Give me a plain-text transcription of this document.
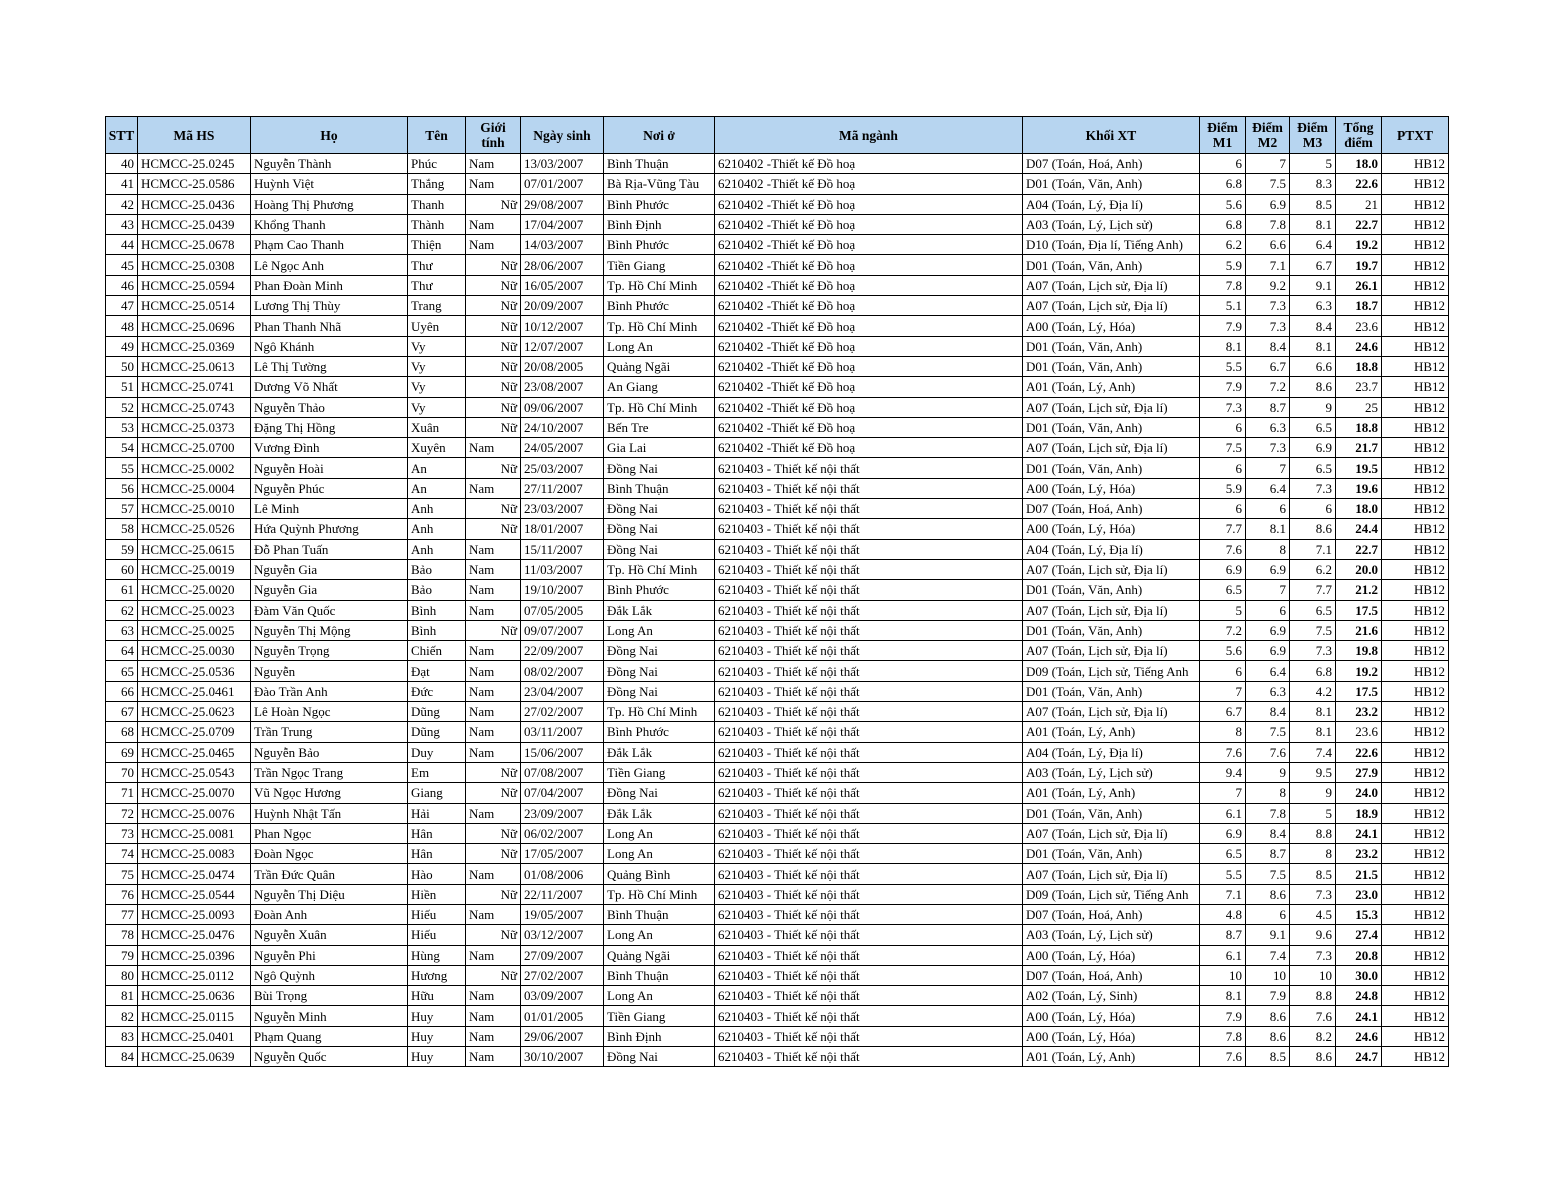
STT	Mã HS	Họ	Tên	Giới tính	Ngày sinh	Nơi ở	Mã ngành	Khối XT	Điểm M1	Điểm M2	Điểm M3	Tổng điểm	PTXT
40	HCMCC-25.0245	Nguyễn Thành	Phúc	Nam	13/03/2007	Bình Thuận	6210402 -Thiết kế Đồ hoạ	D07 (Toán, Hoá, Anh)	6	7	5	18.0	HB12
41	HCMCC-25.0586	Huỳnh Việt	Thắng	Nam	07/01/2007	Bà Rịa-Vũng Tàu	6210402 -Thiết kế Đồ hoạ	D01 (Toán, Văn, Anh)	6.8	7.5	8.3	22.6	HB12
42	HCMCC-25.0436	Hoàng Thị Phương	Thanh	Nữ	29/08/2007	Bình Phước	6210402 -Thiết kế Đồ hoạ	A04 (Toán, Lý, Địa lí)	5.6	6.9	8.5	21	HB12
43	HCMCC-25.0439	Khổng Thanh	Thành	Nam	17/04/2007	Bình Định	6210402 -Thiết kế Đồ hoạ	A03 (Toán, Lý, Lịch sử)	6.8	7.8	8.1	22.7	HB12
44	HCMCC-25.0678	Phạm Cao Thanh	Thiện	Nam	14/03/2007	Bình Phước	6210402 -Thiết kế Đồ hoạ	D10 (Toán, Địa lí, Tiếng Anh)	6.2	6.6	6.4	19.2	HB12
45	HCMCC-25.0308	Lê Ngọc Anh	Thư	Nữ	28/06/2007	Tiền Giang	6210402 -Thiết kế Đồ hoạ	D01 (Toán, Văn, Anh)	5.9	7.1	6.7	19.7	HB12
46	HCMCC-25.0594	Phan Đoàn Minh	Thư	Nữ	16/05/2007	Tp. Hồ Chí Minh	6210402 -Thiết kế Đồ hoạ	A07 (Toán, Lịch sử, Địa lí)	7.8	9.2	9.1	26.1	HB12
47	HCMCC-25.0514	Lương Thị Thùy	Trang	Nữ	20/09/2007	Bình Phước	6210402 -Thiết kế Đồ hoạ	A07 (Toán, Lịch sử, Địa lí)	5.1	7.3	6.3	18.7	HB12
48	HCMCC-25.0696	Phan Thanh Nhã	Uyên	Nữ	10/12/2007	Tp. Hồ Chí Minh	6210402 -Thiết kế Đồ hoạ	A00 (Toán, Lý, Hóa)	7.9	7.3	8.4	23.6	HB12
49	HCMCC-25.0369	Ngô Khánh	Vy	Nữ	12/07/2007	Long An	6210402 -Thiết kế Đồ hoạ	D01 (Toán, Văn, Anh)	8.1	8.4	8.1	24.6	HB12
50	HCMCC-25.0613	Lê Thị Tường	Vy	Nữ	20/08/2005	Quảng Ngãi	6210402 -Thiết kế Đồ hoạ	D01 (Toán, Văn, Anh)	5.5	6.7	6.6	18.8	HB12
51	HCMCC-25.0741	Dương Võ Nhất	Vy	Nữ	23/08/2007	An Giang	6210402 -Thiết kế Đồ hoạ	A01 (Toán, Lý, Anh)	7.9	7.2	8.6	23.7	HB12
52	HCMCC-25.0743	Nguyễn Thảo	Vy	Nữ	09/06/2007	Tp. Hồ Chí Minh	6210402 -Thiết kế Đồ hoạ	A07 (Toán, Lịch sử, Địa lí)	7.3	8.7	9	25	HB12
53	HCMCC-25.0373	Đặng Thị Hồng	Xuân	Nữ	24/10/2007	Bến Tre	6210402 -Thiết kế Đồ hoạ	D01 (Toán, Văn, Anh)	6	6.3	6.5	18.8	HB12
54	HCMCC-25.0700	Vương Đình	Xuyên	Nam	24/05/2007	Gia Lai	6210402 -Thiết kế Đồ hoạ	A07 (Toán, Lịch sử, Địa lí)	7.5	7.3	6.9	21.7	HB12
55	HCMCC-25.0002	Nguyễn Hoài	An	Nữ	25/03/2007	Đồng Nai	6210403 - Thiết kế nội thất	D01 (Toán, Văn, Anh)	6	7	6.5	19.5	HB12
56	HCMCC-25.0004	Nguyễn Phúc	An	Nam	27/11/2007	Bình Thuận	6210403 - Thiết kế nội thất	A00 (Toán, Lý, Hóa)	5.9	6.4	7.3	19.6	HB12
57	HCMCC-25.0010	Lê Minh	Anh	Nữ	23/03/2007	Đồng Nai	6210403 - Thiết kế nội thất	D07 (Toán, Hoá, Anh)	6	6	6	18.0	HB12
58	HCMCC-25.0526	Hứa Quỳnh Phương	Anh	Nữ	18/01/2007	Đồng Nai	6210403 - Thiết kế nội thất	A00 (Toán, Lý, Hóa)	7.7	8.1	8.6	24.4	HB12
59	HCMCC-25.0615	Đỗ Phan Tuấn	Anh	Nam	15/11/2007	Đồng Nai	6210403 - Thiết kế nội thất	A04 (Toán, Lý, Địa lí)	7.6	8	7.1	22.7	HB12
60	HCMCC-25.0019	Nguyễn Gia	Bảo	Nam	11/03/2007	Tp. Hồ Chí Minh	6210403 - Thiết kế nội thất	A07 (Toán, Lịch sử, Địa lí)	6.9	6.9	6.2	20.0	HB12
61	HCMCC-25.0020	Nguyễn Gia	Bảo	Nam	19/10/2007	Bình Phước	6210403 - Thiết kế nội thất	D01 (Toán, Văn, Anh)	6.5	7	7.7	21.2	HB12
62	HCMCC-25.0023	Đàm Văn Quốc	Bình	Nam	07/05/2005	Đắk Lắk	6210403 - Thiết kế nội thất	A07 (Toán, Lịch sử, Địa lí)	5	6	6.5	17.5	HB12
63	HCMCC-25.0025	Nguyễn Thị Mộng	Bình	Nữ	09/07/2007	Long An	6210403 - Thiết kế nội thất	D01 (Toán, Văn, Anh)	7.2	6.9	7.5	21.6	HB12
64	HCMCC-25.0030	Nguyễn Trọng	Chiến	Nam	22/09/2007	Đồng Nai	6210403 - Thiết kế nội thất	A07 (Toán, Lịch sử, Địa lí)	5.6	6.9	7.3	19.8	HB12
65	HCMCC-25.0536	Nguyễn	Đạt	Nam	08/02/2007	Đồng Nai	6210403 - Thiết kế nội thất	D09 (Toán, Lịch sử, Tiếng Anh	6	6.4	6.8	19.2	HB12
66	HCMCC-25.0461	Đào Trần Anh	Đức	Nam	23/04/2007	Đồng Nai	6210403 - Thiết kế nội thất	D01 (Toán, Văn, Anh)	7	6.3	4.2	17.5	HB12
67	HCMCC-25.0623	Lê Hoàn Ngọc	Dũng	Nam	27/02/2007	Tp. Hồ Chí Minh	6210403 - Thiết kế nội thất	A07 (Toán, Lịch sử, Địa lí)	6.7	8.4	8.1	23.2	HB12
68	HCMCC-25.0709	Trần Trung	Dũng	Nam	03/11/2007	Bình Phước	6210403 - Thiết kế nội thất	A01 (Toán, Lý, Anh)	8	7.5	8.1	23.6	HB12
69	HCMCC-25.0465	Nguyễn Bảo	Duy	Nam	15/06/2007	Đắk Lắk	6210403 - Thiết kế nội thất	A04 (Toán, Lý, Địa lí)	7.6	7.6	7.4	22.6	HB12
70	HCMCC-25.0543	Trần Ngọc Trang	Em	Nữ	07/08/2007	Tiền Giang	6210403 - Thiết kế nội thất	A03 (Toán, Lý, Lịch sử)	9.4	9	9.5	27.9	HB12
71	HCMCC-25.0070	Vũ Ngọc Hương	Giang	Nữ	07/04/2007	Đồng Nai	6210403 - Thiết kế nội thất	A01 (Toán, Lý, Anh)	7	8	9	24.0	HB12
72	HCMCC-25.0076	Huỳnh Nhật Tấn	Hải	Nam	23/09/2007	Đắk Lắk	6210403 - Thiết kế nội thất	D01 (Toán, Văn, Anh)	6.1	7.8	5	18.9	HB12
73	HCMCC-25.0081	Phan Ngọc	Hân	Nữ	06/02/2007	Long An	6210403 - Thiết kế nội thất	A07 (Toán, Lịch sử, Địa lí)	6.9	8.4	8.8	24.1	HB12
74	HCMCC-25.0083	Đoàn Ngọc	Hân	Nữ	17/05/2007	Long An	6210403 - Thiết kế nội thất	D01 (Toán, Văn, Anh)	6.5	8.7	8	23.2	HB12
75	HCMCC-25.0474	Trần Đức Quân	Hào	Nam	01/08/2006	Quảng Bình	6210403 - Thiết kế nội thất	A07 (Toán, Lịch sử, Địa lí)	5.5	7.5	8.5	21.5	HB12
76	HCMCC-25.0544	Nguyễn Thị Diệu	Hiền	Nữ	22/11/2007	Tp. Hồ Chí Minh	6210403 - Thiết kế nội thất	D09 (Toán, Lịch sử, Tiếng Anh	7.1	8.6	7.3	23.0	HB12
77	HCMCC-25.0093	Đoàn Anh	Hiếu	Nam	19/05/2007	Bình Thuận	6210403 - Thiết kế nội thất	D07 (Toán, Hoá, Anh)	4.8	6	4.5	15.3	HB12
78	HCMCC-25.0476	Nguyễn Xuân	Hiếu	Nữ	03/12/2007	Long An	6210403 - Thiết kế nội thất	A03 (Toán, Lý, Lịch sử)	8.7	9.1	9.6	27.4	HB12
79	HCMCC-25.0396	Nguyễn Phi	Hùng	Nam	27/09/2007	Quảng Ngãi	6210403 - Thiết kế nội thất	A00 (Toán, Lý, Hóa)	6.1	7.4	7.3	20.8	HB12
80	HCMCC-25.0112	Ngô Quỳnh	Hương	Nữ	27/02/2007	Bình Thuận	6210403 - Thiết kế nội thất	D07 (Toán, Hoá, Anh)	10	10	10	30.0	HB12
81	HCMCC-25.0636	Bùi Trọng	Hữu	Nam	03/09/2007	Long An	6210403 - Thiết kế nội thất	A02 (Toán, Lý, Sinh)	8.1	7.9	8.8	24.8	HB12
82	HCMCC-25.0115	Nguyễn Minh	Huy	Nam	01/01/2005	Tiền Giang	6210403 - Thiết kế nội thất	A00 (Toán, Lý, Hóa)	7.9	8.6	7.6	24.1	HB12
83	HCMCC-25.0401	Phạm Quang	Huy	Nam	29/06/2007	Bình Định	6210403 - Thiết kế nội thất	A00 (Toán, Lý, Hóa)	7.8	8.6	8.2	24.6	HB12
84	HCMCC-25.0639	Nguyễn Quốc	Huy	Nam	30/10/2007	Đồng Nai	6210403 - Thiết kế nội thất	A01 (Toán, Lý, Anh)	7.6	8.5	8.6	24.7	HB12
